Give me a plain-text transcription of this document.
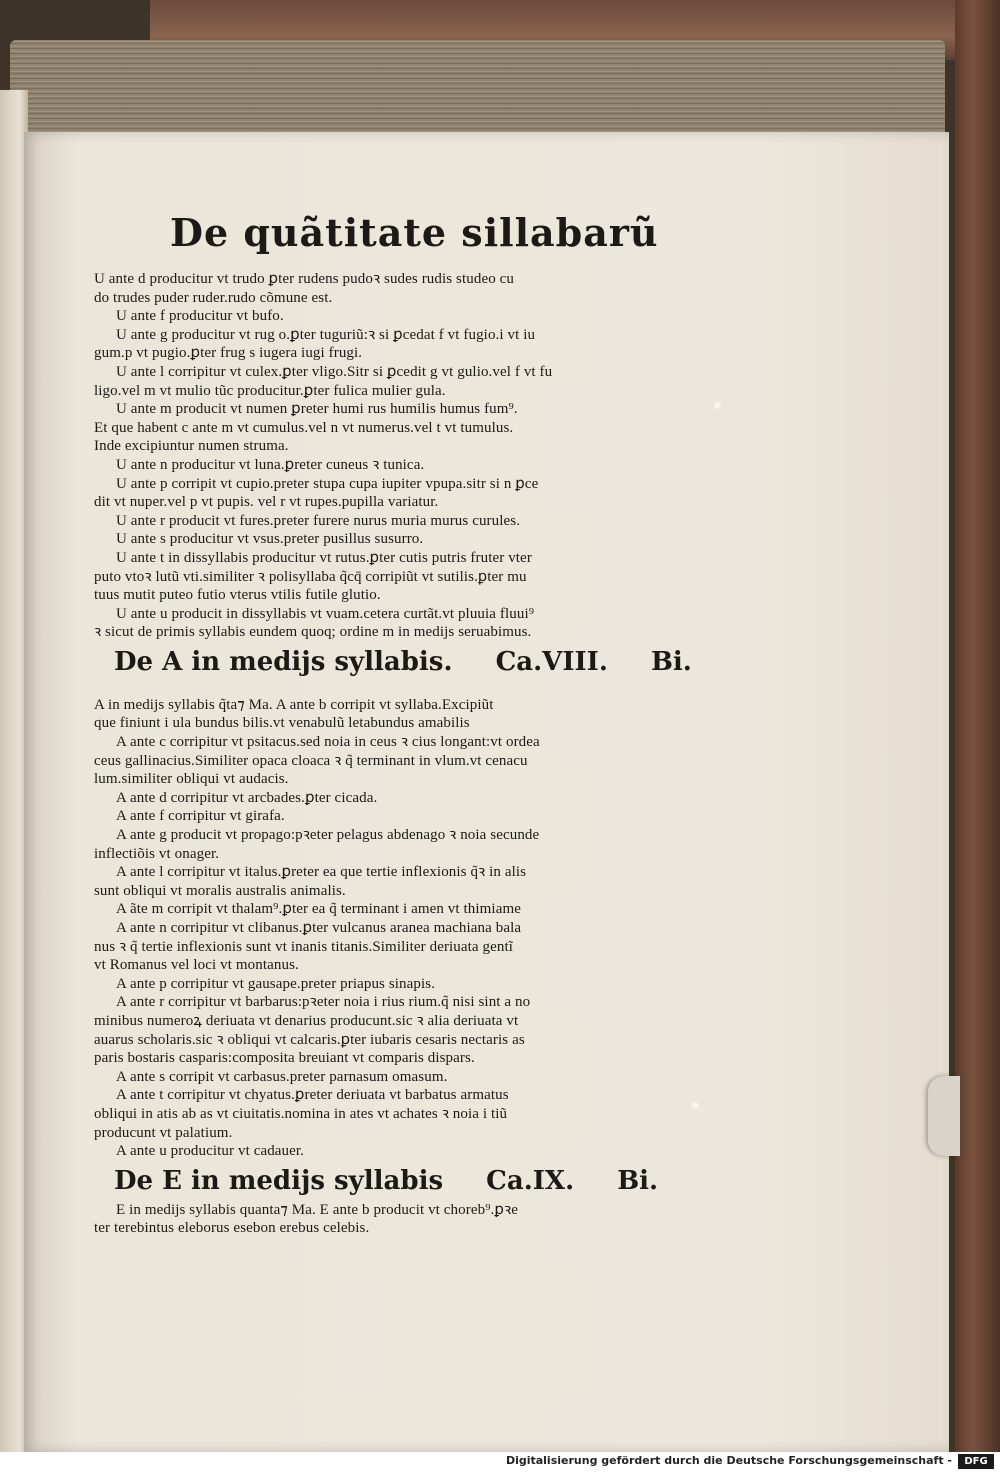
De quãtitate sillabarũ
U ante d producitur vt trudo ꝑter rudens pudoꝛ sudes rudis studeo cu
do trudes puder ruder.rudo cõmune est.
U ante f producitur vt bufo.
U ante g producitur vt rug o.ꝑter tuguriũ:ꝛ si ꝑcedat f vt fugio.i vt iu
gum.p vt pugio.ꝑter frug s iugera iugi frugi.
U ante l corripitur vt culex.ꝑter vligo.Sitr si ꝑcedit g vt gulio.vel f vt fu
ligo.vel m vt mulio tũc producitur.ꝑter fulica mulier gula.
U ante m producit vt numen ꝑreter humi rus humilis humus fum⁹.
Et que habent c ante m vt cumulus.vel n vt numerus.vel t vt tumulus.
Inde excipiuntur numen struma.
U ante n producitur vt luna.ꝑreter cuneus ꝛ tunica.
U ante p corripit vt cupio.preter stupa cupa iupiter vpupa.sitr si n ꝑce
dit vt nuper.vel p vt pupis. vel r vt rupes.pupilla variatur.
U ante r producit vt fures.preter furere nurus muria murus curules.
U ante s producitur vt vsus.preter pusillus susurro.
U ante t in dissyllabis producitur vt rutus.ꝑter cutis putris fruter vter
puto vtoꝛ lutũ vti.similiter ꝛ polisyllaba q̃cq̄ corripiũt vt sutilis.ꝑter mu
tuus mutit puteo futio vterus vtilis futile glutio.
U ante u producit in dissyllabis vt vuam.cetera curtãt.vt pluuia fluui⁹
ꝛ sicut de primis syllabis eundem quoq; ordine m in medijs seruabimus.
De A in medijs syllabis. Ca.VIII. Bi.
A in medijs syllabis q̃ta⁊ Ma. A ante b corripit vt syllaba.Excipiũt
que finiunt i ula bundus bilis.vt venabulũ letabundus amabilis
A ante c corripitur vt psitacus.sed noia in ceus ꝛ cius longant:vt ordea
ceus gallinacius.Similiter opaca cloaca ꝛ q̃ terminant in vlum.vt cenacu
lum.similiter obliqui vt audacis.
A ante d corripitur vt arcbades.ꝑter cicada.
A ante f corripitur vt girafa.
A ante g producit vt propago:pꝛeter pelagus abdenago ꝛ noia secunde
inflectiõis vt onager.
A ante l corripitur vt italus.ꝑreter ea que tertie inflexionis q̃ꝛ in alis
sunt obliqui vt moralis australis animalis.
A ãte m corripit vt thalam⁹.ꝑter ea q̃ terminant i amen vt thimiame
A ante n corripitur vt clibanus.ꝑter vulcanus aranea machiana bala
nus ꝛ q̃ tertie inflexionis sunt vt inanis titanis.Similiter deriuata gentĩ
vt Romanus vel loci vt montanus.
A ante p corripitur vt gausape.preter priapus sinapis.
A ante r corripitur vt barbarus:pꝛeter noia i rius rium.q̃ nisi sint a no
minibus numeroꝝ deriuata vt denarius producunt.sic ꝛ alia deriuata vt
auarus scholaris.sic ꝛ obliqui vt calcaris.ꝑter iubaris cesaris nectaris as
paris bostaris casparis:composita breuiant vt comparis dispars.
A ante s corripit vt carbasus.preter parnasum omasum.
A ante t corripitur vt chyatus.ꝑreter deriuata vt barbatus armatus
obliqui in atis ab as vt ciuitatis.nomina in ates vt achates ꝛ noia i tiũ
producunt vt palatium.
A ante u producitur vt cadauer.
De E in medijs syllabis Ca.IX. Bi.
E in medijs syllabis quanta⁊ Ma. E ante b producit vt choreb⁹.ꝑꝛe
ter terebintus eleborus esebon erebus celebis.
Digitalisierung gefördert durch die Deutsche Forschungsgemeinschaft -	DFG
